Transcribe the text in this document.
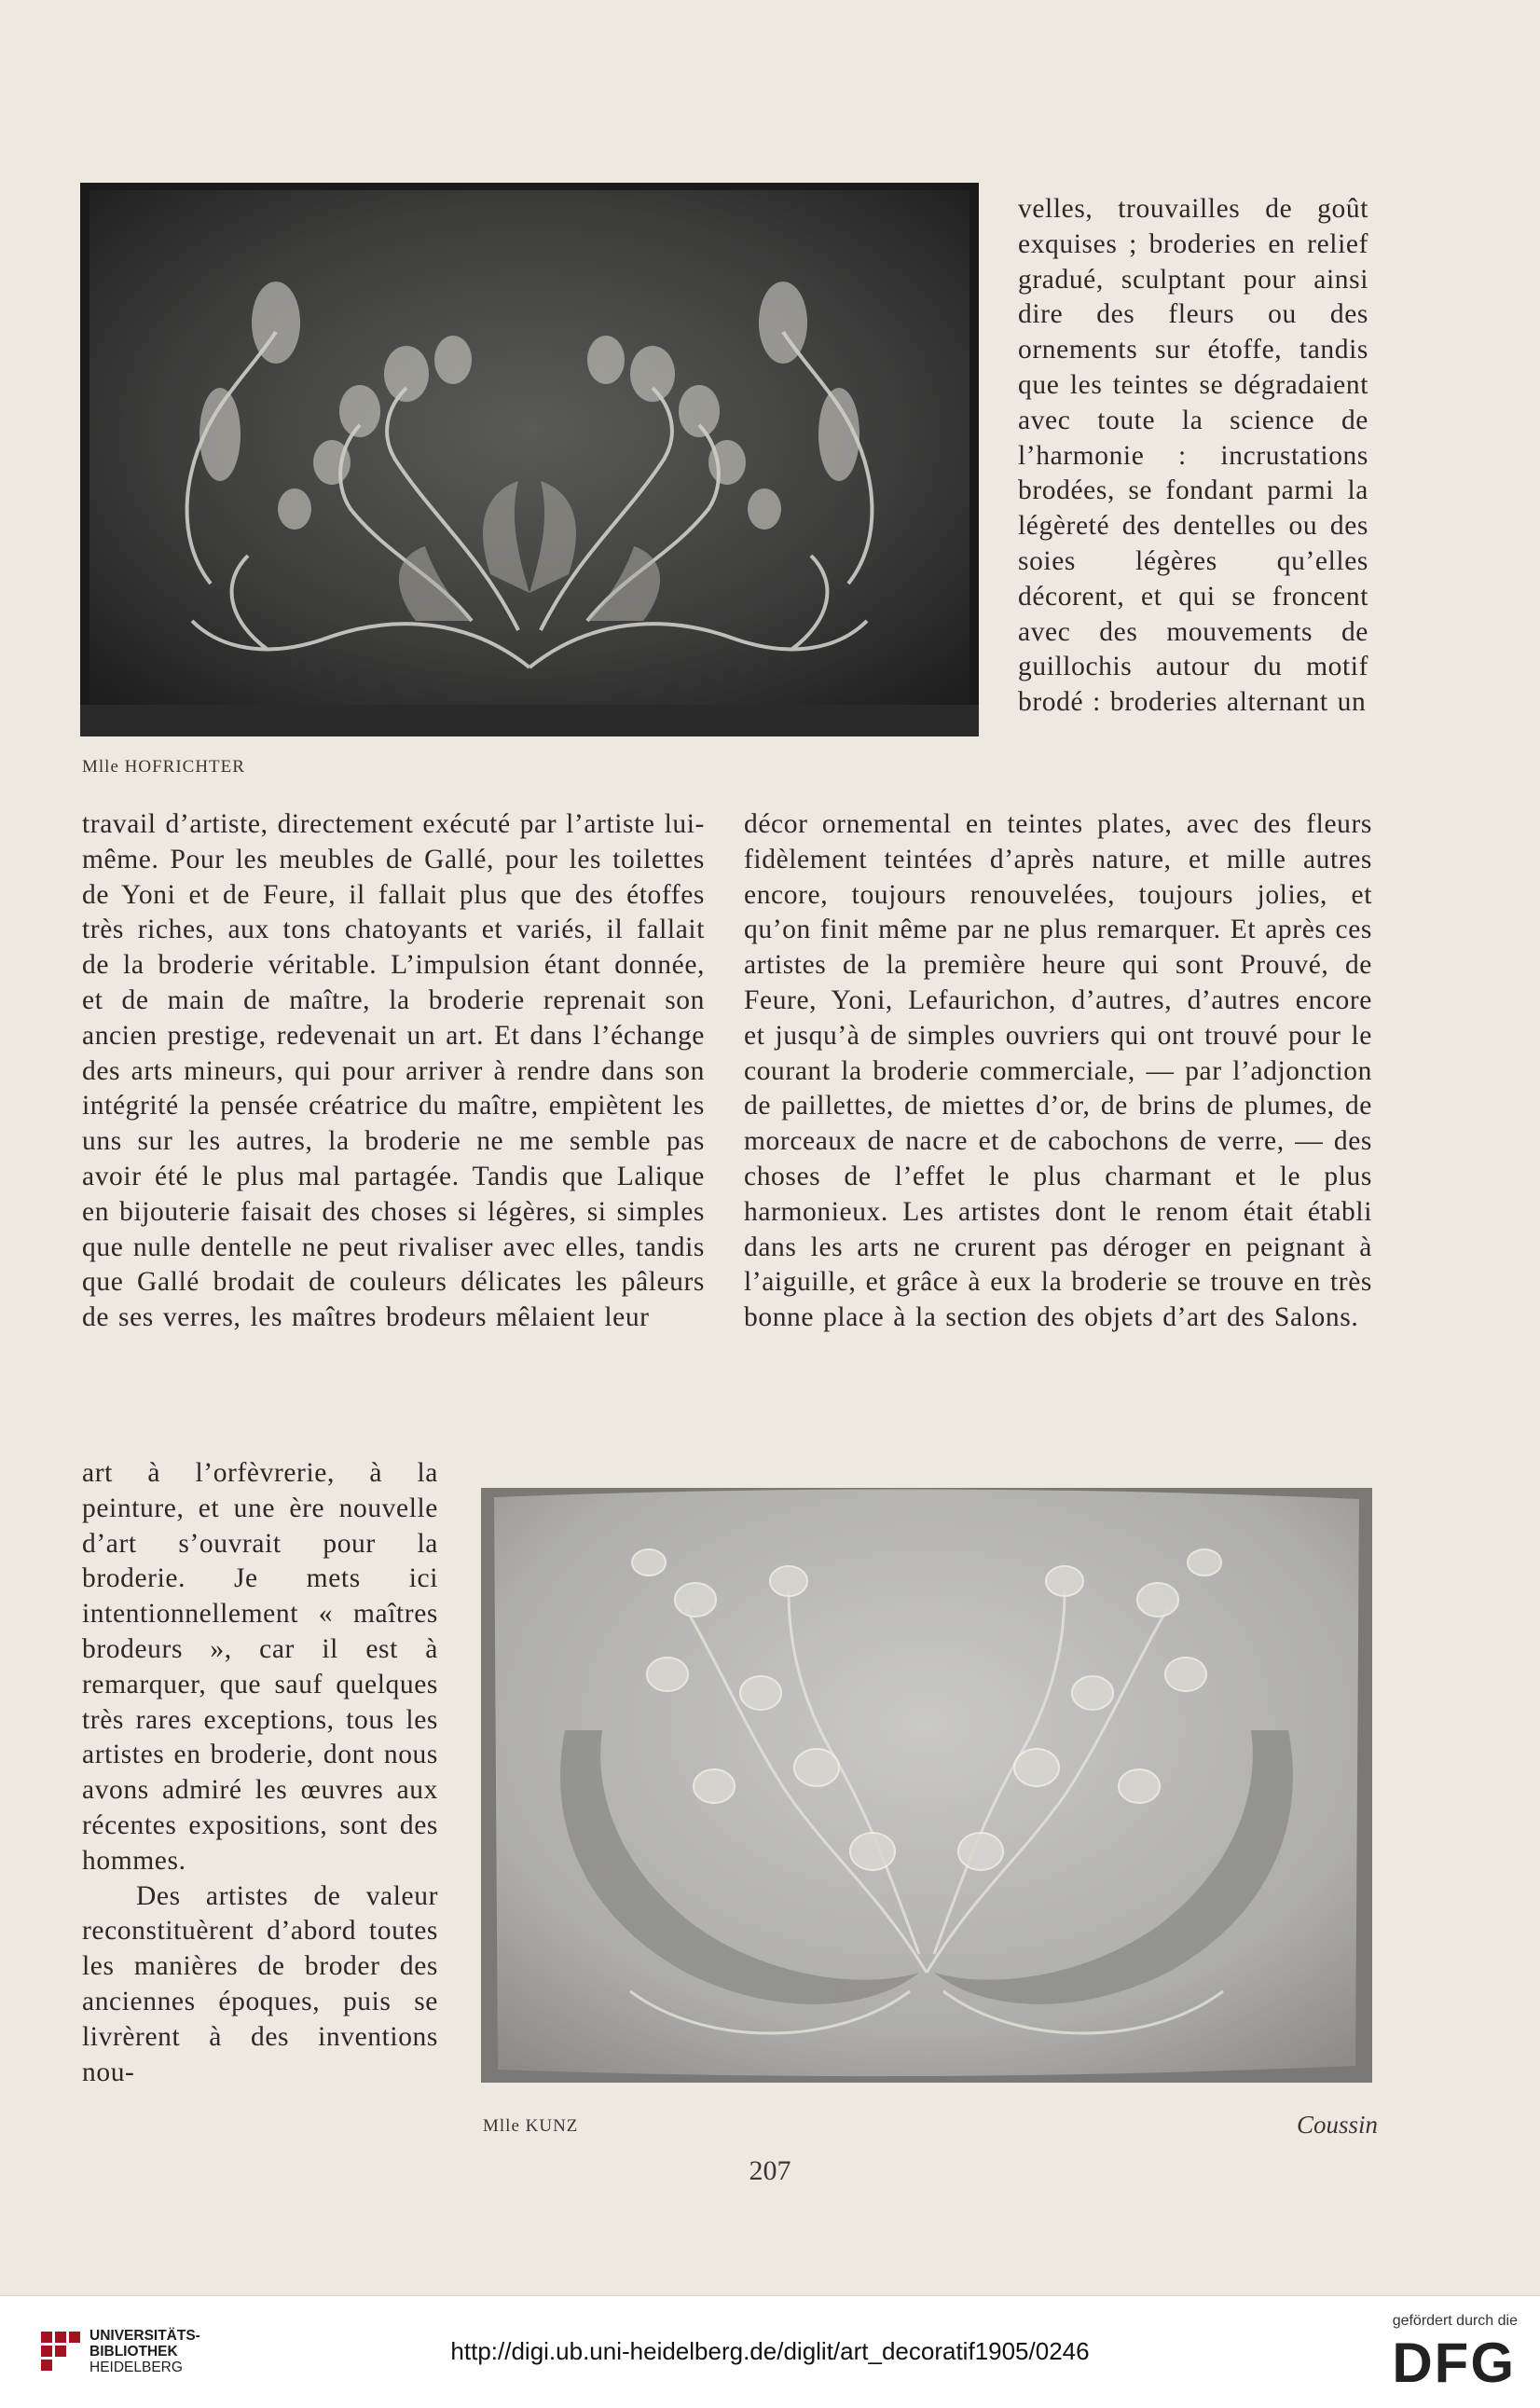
Mlle HOFRICHTER

velles, trouvailles de goût exquises ; broderies en relief gradué, sculptant pour ainsi dire des fleurs ou des ornements sur étoffe, tandis que les teintes se dégradaient avec toute la science de l’harmonie : incrustations brodées, se fondant parmi la légèreté des dentelles ou des soies légères qu’elles décorent, et qui se froncent avec des mouvements de guillochis autour du motif brodé : broderies alternant un

travail d’artiste, directement exécuté par l’artiste lui-même. Pour les meubles de Gallé, pour les toilettes de Yoni et de Feure, il fallait plus que des étoffes très riches, aux tons chatoyants et variés, il fallait de la broderie véritable. L’impulsion étant donnée, et de main de maître, la broderie reprenait son ancien prestige, redevenait un art. Et dans l’échange des arts mineurs, qui pour arriver à rendre dans son intégrité la pensée créatrice du maître, empiètent les uns sur les autres, la broderie ne me semble pas avoir été le plus mal partagée. Tandis que Lalique en bijouterie faisait des choses si légères, si simples que nulle dentelle ne peut rivaliser avec elles, tandis que Gallé brodait de couleurs délicates les pâleurs de ses verres, les maîtres brodeurs mêlaient leur

art à l’orfèvrerie, à la peinture, et une ère nouvelle d’art s’ouvrait pour la broderie. Je mets ici intentionnellement « maîtres brodeurs », car il est à remarquer, que sauf quelques très rares exceptions, tous les artistes en broderie, dont nous avons admiré les œuvres aux récentes expositions, sont des hommes.

Des artistes de valeur reconstituèrent d’abord toutes les manières de broder des anciennes époques, puis se livrèrent à des inventions nou-

décor ornemental en teintes plates, avec des fleurs fidèlement teintées d’après nature, et mille autres encore, toujours renouvelées, toujours jolies, et qu’on finit même par ne plus remarquer. Et après ces artistes de la première heure qui sont Prouvé, de Feure, Yoni, Lefaurichon, d’autres, d’autres encore et jusqu’à de simples ouvriers qui ont trouvé pour le courant la broderie commerciale, — par l’adjonction de paillettes, de miettes d’or, de brins de plumes, de morceaux de nacre et de cabochons de verre, — des choses de l’effet le plus charmant et le plus harmonieux. Les artistes dont le renom était établi dans les arts ne crurent pas déroger en peignant à l’aiguille, et grâce à eux la broderie se trouve en très bonne place à la section des objets d’art des Salons.

Mlle KUNZ	Coussin
207
UNIVERSITÄTS-
BIBLIOTHEK
HEIDELBERG
http://digi.ub.uni-heidelberg.de/diglit/art_decoratif1905/0246
gefördert durch die
DFG
